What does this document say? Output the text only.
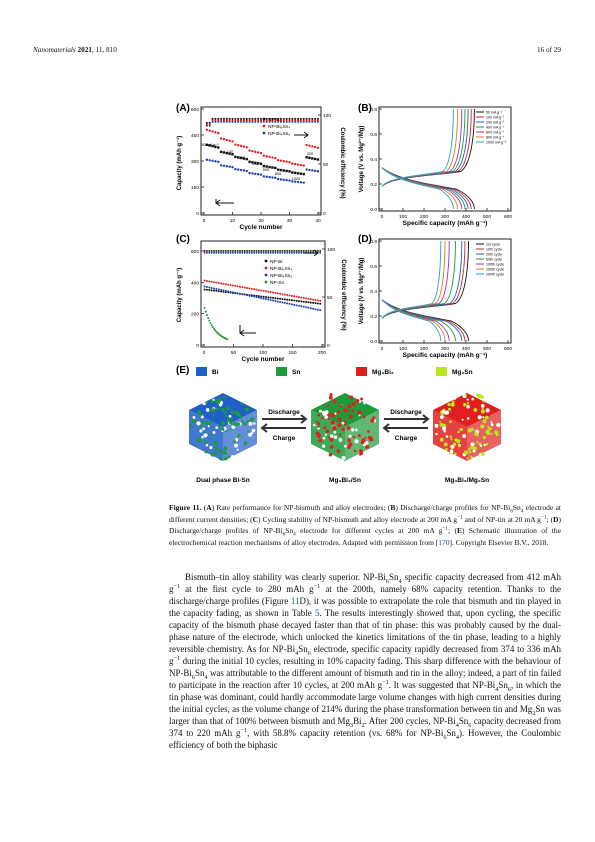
Nanomaterials 2021, 11, 810	16 of 29
(A) 600
450
300
150
0
100
50
0
0	10	20	30	40
Cycle number
Capacity (mAh g⁻¹)	Coulombic efficiency (%)
NP-Bi
NP-Bi₆Sn₄
NP-Bi₄Sn₆
50 mA g⁻¹
100
200
400
600
800
1000
200
(B)
0.8
0.6
0.4
0.2
0.0
0	100	200	300	400	500	600
Specific capacity (mAh g⁻¹)
Voltage (V vs. Mg²⁺/Mg)
50 mA g⁻¹
100 mA g⁻¹
200 mA g⁻¹
400 mA g⁻¹
600 mA g⁻¹
800 mA g⁻¹
1000 mA g⁻¹
(C)
600
400
200
0
100
50
0
0	50	100	150	200
Cycle number
Capacity (mAh g⁻¹)	Coulombic efficiency (%)
NP-Bi
NP-Bi₆Sn₄
NP-Bi₄Sn₆
NP-Sn
(D)
0.8
0.6
0.4
0.2
0.0
0	100	200	300	400	500	600
Specific capacity (mAh g⁻¹)
Voltage (V vs. Mg²⁺/Mg)
1st cycle
10th cycle
20th cycle
50th cycle
100th cycle
150th cycle
200th cycle
(E)	Bi	Sn	Mg₃Bi₂	Mg₂Sn
Discharge
Charge
Discharge
Charge
Dual phase Bi-Sn	Mg₃Bi₂/Sn	Mg₃Bi₂/Mg₂Sn
Figure 11. (A) Rate performance for NP-bismuth and alloy electrodes; (B) Discharge/charge profiles for $NP-Bi_6Sn_4$ electrode at different current densities; (C) Cycling stability of NP-bismuth and alloy electrode at 200 mA $g^{-1}$ and of NP-tin at 20 mA $g^{-1}$; (D) Discharge/charge profiles of $NP-Bi_6Sn_4$ electrode for different cycles at 200 mA $g^{-1}$; (E) Schematic illustration of the electrochemical reaction mechanisms of alloy electrodes. Adapted with permission from [170]. Copyright Elsevier B.V., 2018.

Bismuth–tin alloy stability was clearly superior. $NP-Bi_6Sn_4$ specific capacity decreased from 412 mAh $g^{-1}$ at the first cycle to 280 mAh $g^{-1}$ at the 200th, namely 68% capacity retention. Thanks to the discharge/charge profiles (Figure 11D), it was possible to extrapolate the role that bismuth and tin played in the capacity fading, as shown in Table 5. The results interestingly showed that, upon cycling, the specific capacity of the bismuth phase decayed faster than that of tin phase: this was probably caused by the dual-phase nature of the electrode, which unlocked the kinetics limitations of the tin phase, leading to a highly reversible chemistry. As for $NP-Bi_4Sn_6$ electrode, specific capacity rapidly decreased from 374 to 336 mAh $g^{-1}$ during the initial 10 cycles, resulting in 10% capacity fading. This sharp difference with the behaviour of $NP-Bi_6Sn_4$ was attributable to the different amount of bismuth and tin in the alloy; indeed, a part of tin failed to participate in the reaction after 10 cycles, at 200 mAh $g^{-1}$. It was suggested that $NP-Bi_4Sn_6$, in which the tin phase was dominant, could hardly accommodate large volume changes with high current densities during the initial cycles, as the volume change of 214% during the phase transformation between tin and $Mg_2Sn$ was larger than that of 100% between bismuth and $Mg_3Bi_2$. After 200 cycles, $NP-Bi_4Sn_6$ capacity decreased from 374 to 220 mAh $g^{-1}$, with 58.8% capacity retention (vs. 68% for $NP-Bi_6Sn_4$). However, the Coulombic efficiency of both the biphasic
